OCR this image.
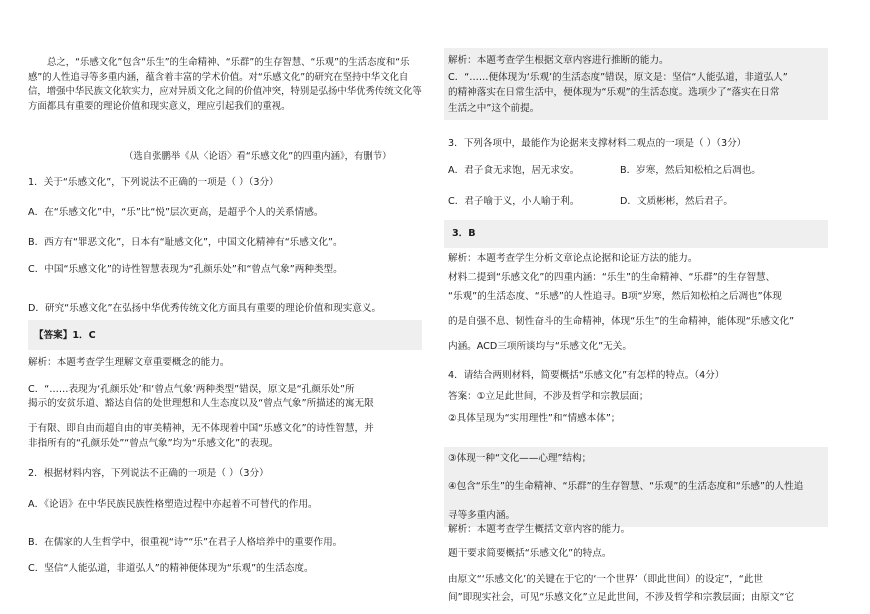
总之，“乐感文化”包含“乐生”的生命精神、“乐群”的生存智慧、“乐观”的生活态度和“乐感”的人性追寻等多重内涵，蕴含着丰富的学术价值。对“乐感文化”的研究在坚持中华文化自信，增强中华民族文化软实力，应对异质文化之间的价值冲突，特别是弘扬中华优秀传统文化等方面都具有重要的理论价值和现实意义，理应引起我们的重视。

（选自张鹏举《从〈论语〉看“乐感文化”的四重内涵》，有删节）

1．关于“乐感文化”，下列说法不正确的一项是（ ）（3分）

A．在“乐感文化”中，“乐”比“悦”层次更高，是超乎个人的关系情感。

B．西方有“罪恶文化”，日本有“耻感文化”，中国文化精神有“乐感文化”。

C．中国“乐感文化”的诗性智慧表现为“孔颜乐处”和“曾点气象”两种类型。

D．研究“乐感文化”在弘扬中华优秀传统文化方面具有重要的理论价值和现实意义。

【答案】1．C

解析：本题考查学生理解文章重要概念的能力。

C．“……表现为‘孔颜乐处’和‘曾点气象’两种类型”错误，原文是“孔颜乐处”所

揭示的安贫乐道、豁达自信的处世理想和人生态度以及“曾点气象”所描述的寓无限

于有限、即自由而超自由的审美精神，无不体现着中国“乐感文化”的诗性智慧，并

非指所有的“孔颜乐处”“曾点气象”均为“乐感文化”的表现。

2．根据材料内容，下列说法不正确的一项是（ ）（3分）

A．《论语》在中华民族民族性格塑造过程中亦起着不可替代的作用。

B．在儒家的人生哲学中，很重视“诗”“乐”在君子人格培养中的重要作用。

C．坚信“人能弘道，非道弘人”的精神便体现为“乐观”的生活态度。

解析：本题考查学生根据文章内容进行推断的能力。

C．“……便体现为‘乐观’的生活态度”错误，原文是：坚信“人能弘道，非道弘人”

的精神落实在日常生活中，便体现为“乐观”的生活态度。选项少了“落实在日常

生活之中”这个前提。

3．下列各项中，最能作为论据来支撑材料二观点的一项是（ ）（3分）

A．君子食无求饱，居无求安。	B．岁寒，然后知松柏之后凋也。

C．君子喻于义，小人喻于利。	D．文质彬彬，然后君子。

3．B

解析：本题考查学生分析文章论点论据和论证方法的能力。

材料二提到“乐感文化”的四重内涵：“乐生”的生命精神、“乐群”的生存智慧、

“乐观”的生活态度、“乐感”的人性追寻。B项“岁寒，然后知松柏之后凋也”体现

的是自强不息、韧性奋斗的生命精神，体现“乐生”的生命精神，能体现“乐感文化”

内涵。ACD三项所谈均与“乐感文化”无关。

4．请结合两则材料，简要概括“乐感文化”有怎样的特点。（4分）

答案：①立足此世间，不涉及哲学和宗教层面；

②具体呈现为“实用理性”和“情感本体”；

③体现一种“文化——心理”结构；

④包含“乐生”的生命精神、“乐群”的生存智慧、“乐观”的生活态度和“乐感”的人性追

寻等多重内涵。

解析：本题考查学生概括文章内容的能力。

题干要求简要概括“乐感文化”的特点。

由原文“‘乐感文化’的关键在于它的‘一个世界’（即此世间）的设定”，“此世

间”即现实社会，可见“乐感文化”立足此世间，不涉及哲学和宗教层面；由原文“它
